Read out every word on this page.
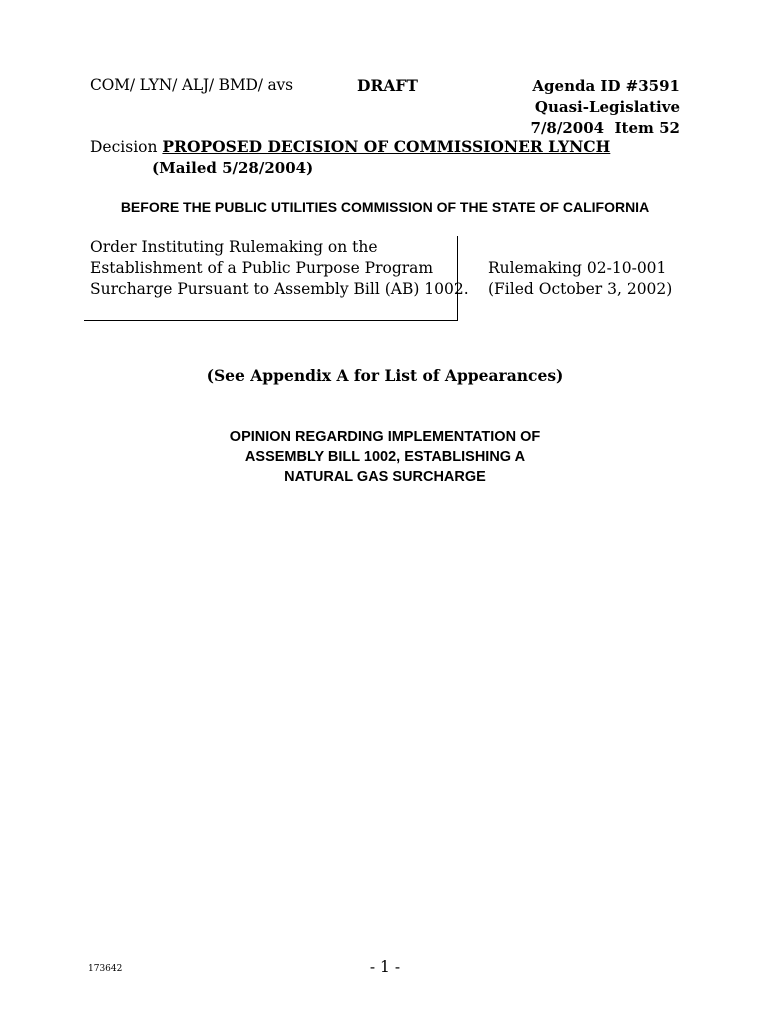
COM/ LYN/ ALJ/ BMD/ avs	DRAFT	Agenda ID #3591
Quasi-Legislative
7/8/2004  Item 52
Decision PROPOSED DECISION OF COMMISSIONER LYNCH
(Mailed 5/28/2004)
BEFORE THE PUBLIC UTILITIES COMMISSION OF THE STATE OF CALIFORNIA
Order Instituting Rulemaking on the
Establishment of a Public Purpose Program
Surcharge Pursuant to Assembly Bill (AB) 1002.
Rulemaking 02-10-001
(Filed October 3, 2002)
(See Appendix A for List of Appearances)
OPINION REGARDING IMPLEMENTATION OF
ASSEMBLY BILL 1002, ESTABLISHING A
NATURAL GAS SURCHARGE
173642	- 1 -
